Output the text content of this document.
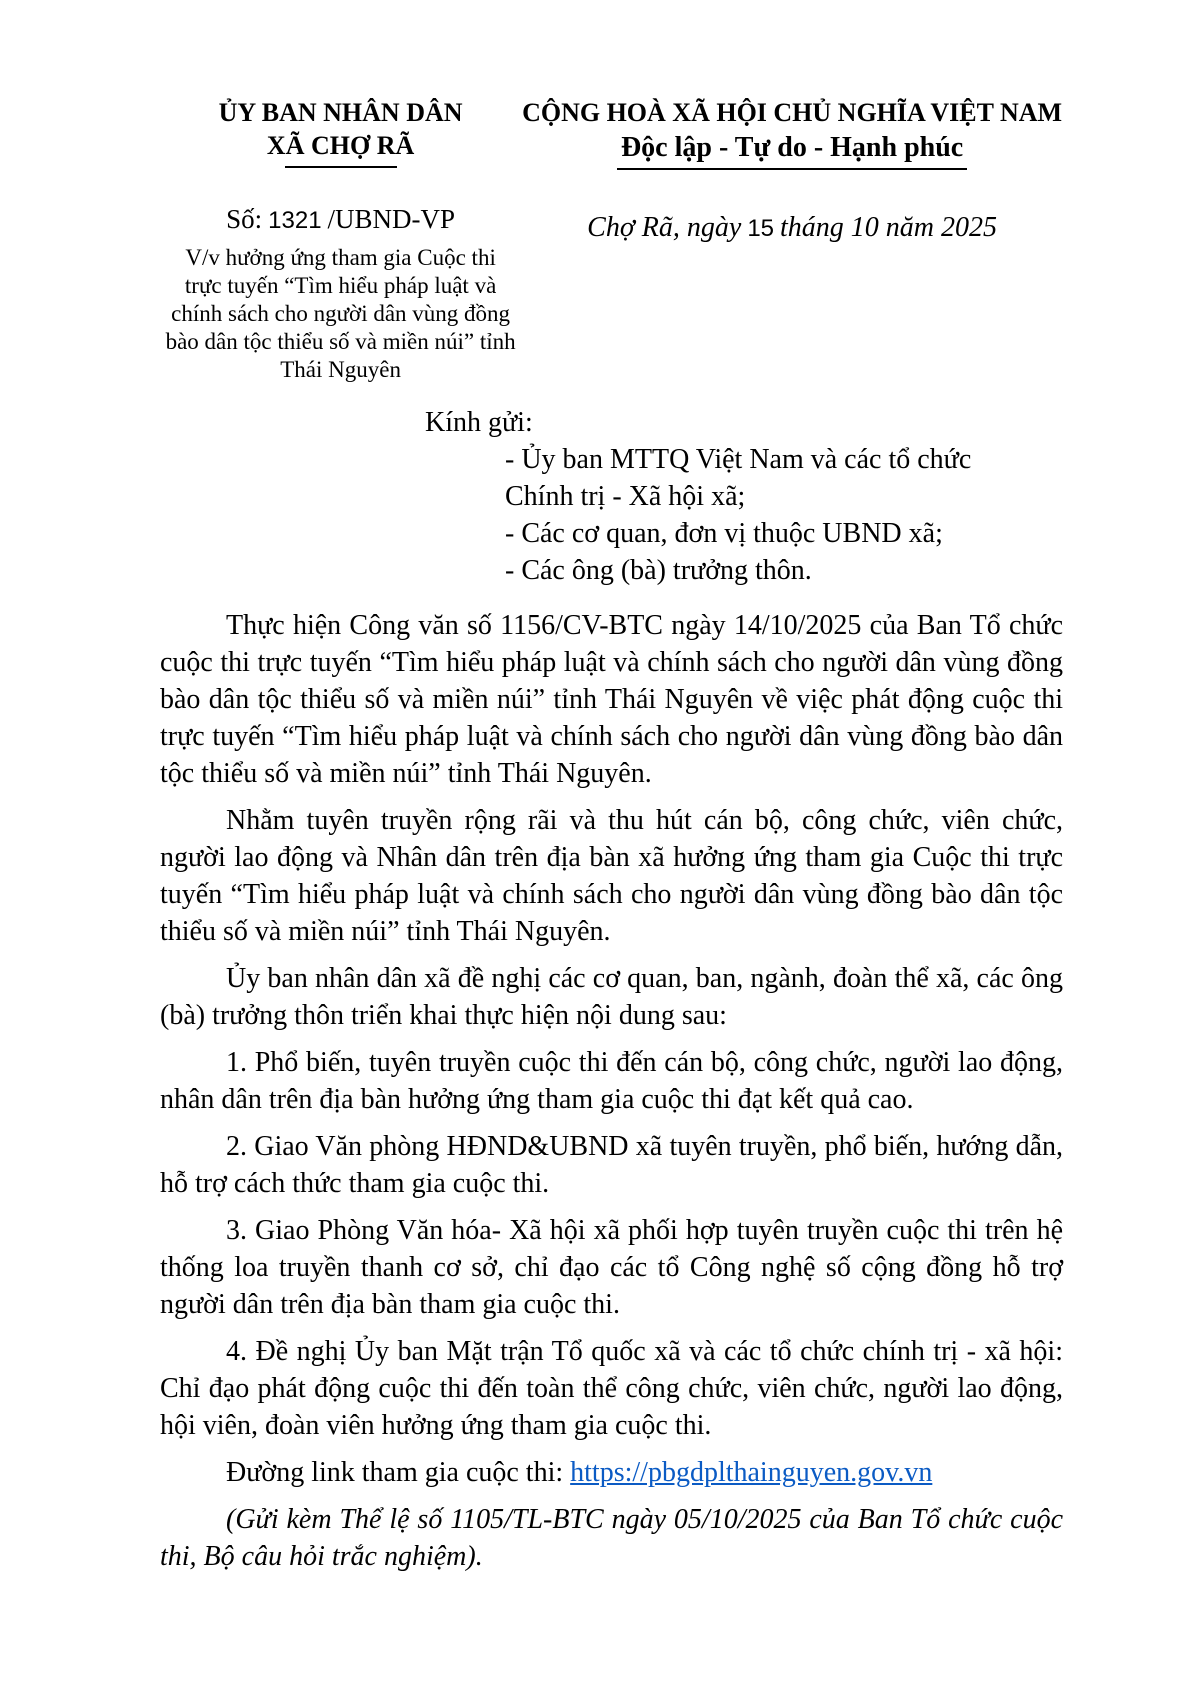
ỦY BAN NHÂN DÂN
XÃ CHỢ RÃ
Số: 1321 /UBND-VP
V/v hưởng ứng tham gia Cuộc thi trực tuyến “Tìm hiểu pháp luật và chính sách cho người dân vùng đồng bào dân tộc thiểu số và miền núi” tỉnh Thái Nguyên
CỘNG HOÀ XÃ HỘI CHỦ NGHĨA VIỆT NAM
Độc lập - Tự do - Hạnh phúc
Chợ Rã, ngày 15 tháng 10 năm 2025
Kính gửi:
- Ủy ban MTTQ Việt Nam và các tổ chức Chính trị - Xã hội xã;
- Các cơ quan, đơn vị thuộc UBND xã;
- Các ông (bà) trưởng thôn.

Thực hiện Công văn số 1156/CV-BTC ngày 14/10/2025 của Ban Tổ chức cuộc thi trực tuyến “Tìm hiểu pháp luật và chính sách cho người dân vùng đồng bào dân tộc thiểu số và miền núi” tỉnh Thái Nguyên về việc phát động cuộc thi trực tuyến “Tìm hiểu pháp luật và chính sách cho người dân vùng đồng bào dân tộc thiểu số và miền núi” tỉnh Thái Nguyên.

Nhằm tuyên truyền rộng rãi và thu hút cán bộ, công chức, viên chức, người lao động và Nhân dân trên địa bàn xã hưởng ứng tham gia Cuộc thi trực tuyến “Tìm hiểu pháp luật và chính sách cho người dân vùng đồng bào dân tộc thiểu số và miền núi” tỉnh Thái Nguyên.

Ủy ban nhân dân xã đề nghị các cơ quan, ban, ngành, đoàn thể xã, các ông (bà) trưởng thôn triển khai thực hiện nội dung sau:

1. Phổ biến, tuyên truyền cuộc thi đến cán bộ, công chức, người lao động, nhân dân trên địa bàn hưởng ứng tham gia cuộc thi đạt kết quả cao.

2. Giao Văn phòng HĐND&UBND xã tuyên truyền, phổ biến, hướng dẫn, hỗ trợ cách thức tham gia cuộc thi.

3. Giao Phòng Văn hóa- Xã hội xã phối hợp tuyên truyền cuộc thi trên hệ thống loa truyền thanh cơ sở, chỉ đạo các tổ Công nghệ số cộng đồng hỗ trợ người dân trên địa bàn tham gia cuộc thi.

4. Đề nghị Ủy ban Mặt trận Tổ quốc xã và các tổ chức chính trị - xã hội: Chỉ đạo phát động cuộc thi đến toàn thể công chức, viên chức, người lao động, hội viên, đoàn viên hưởng ứng tham gia cuộc thi.

Đường link tham gia cuộc thi: https://pbgdplthainguyen.gov.vn

(Gửi kèm Thể lệ số 1105/TL-BTC ngày 05/10/2025 của Ban Tổ chức cuộc thi, Bộ câu hỏi trắc nghiệm).
